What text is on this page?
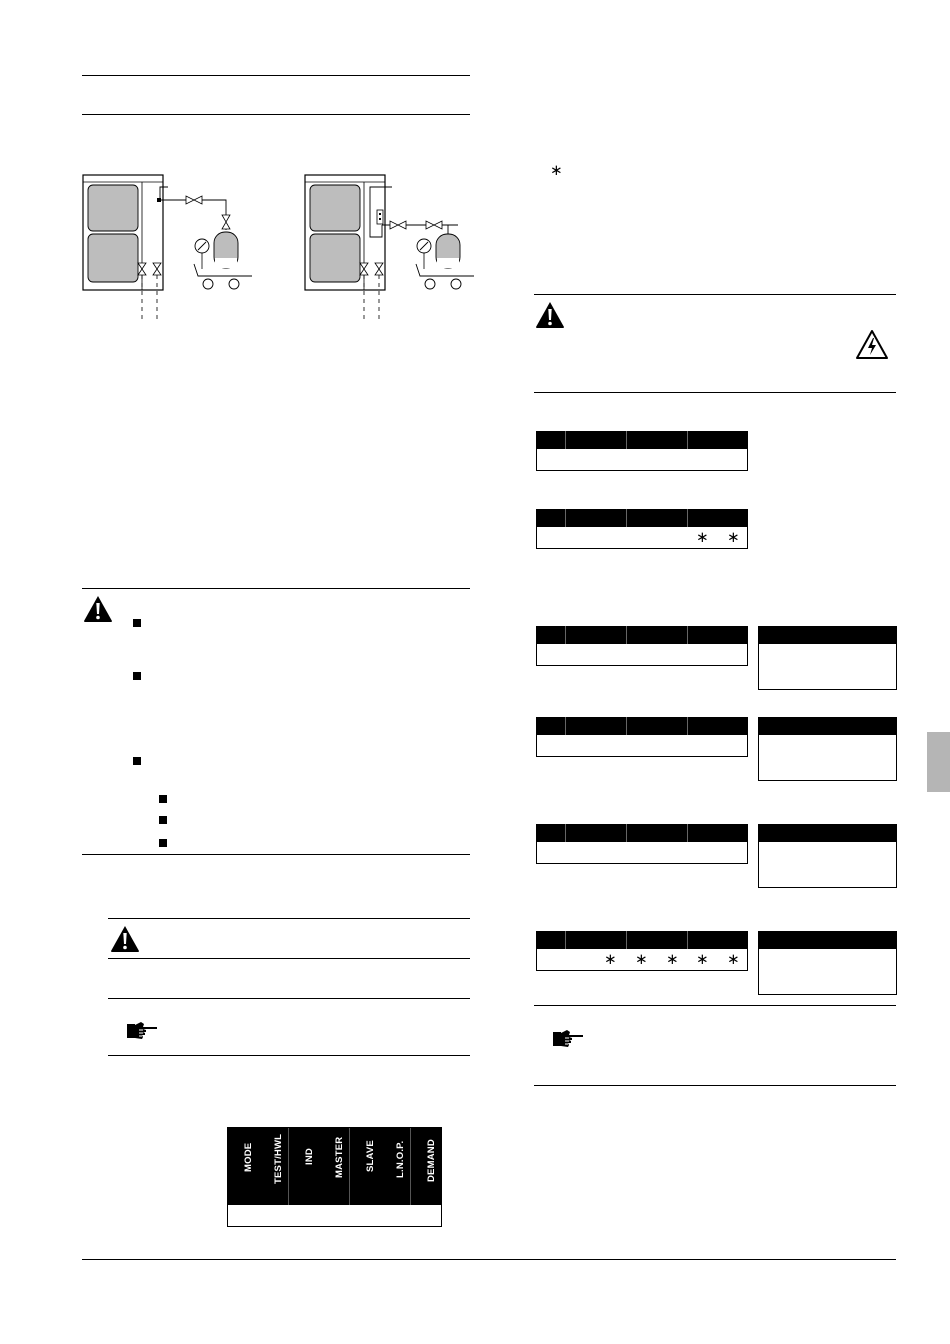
MODE TEST/HWL IND MASTER SLAVE L.N.O.P. DEMAND
∗
∗ ∗
∗ ∗ ∗ ∗ ∗
